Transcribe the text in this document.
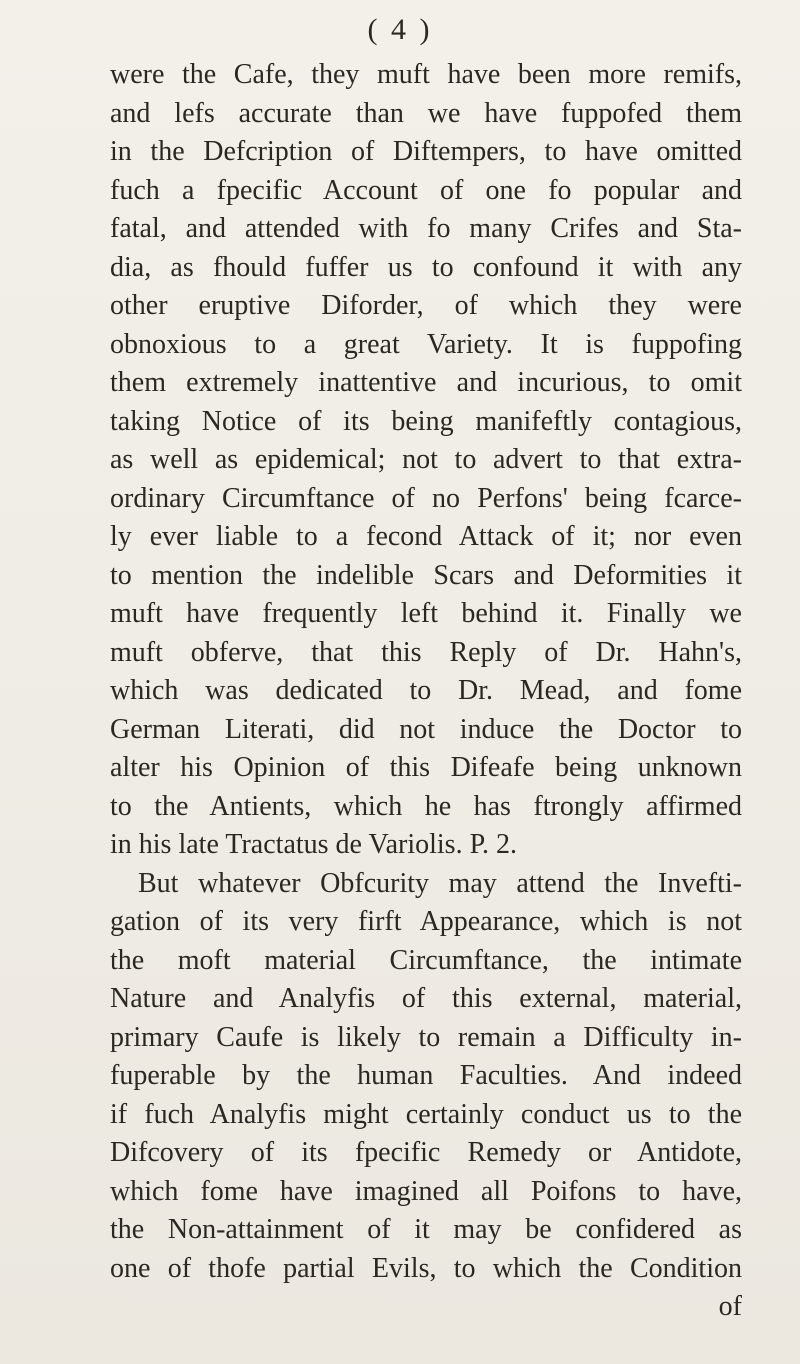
( 4 )
were the Cafe, they muft have been more remifs,
and lefs accurate than we have fuppofed them
in the Defcription of Diftempers, to have omitted
fuch a fpecific Account of one fo popular and
fatal, and attended with fo many Crifes and Sta-
dia, as fhould fuffer us to confound it with any
other eruptive Diforder, of which they were
obnoxious to a great Variety. It is fuppofing
them extremely inattentive and incurious, to omit
taking Notice of its being manifeftly contagious,
as well as epidemical; not to advert to that extra-
ordinary Circumftance of no Perfons' being fcarce-
ly ever liable to a fecond Attack of it; nor even
to mention the indelible Scars and Deformities it
muft have frequently left behind it. Finally we
muft obferve, that this Reply of Dr. Hahn's,
which was dedicated to Dr. Mead, and fome
German Literati, did not induce the Doctor to
alter his Opinion of this Difeafe being unknown
to the Antients, which he has ftrongly affirmed
in his late Tractatus de Variolis. P. 2.
But whatever Obfcurity may attend the Invefti-
gation of its very firft Appearance, which is not
the moft material Circumftance, the intimate
Nature and Analyfis of this external, material,
primary Caufe is likely to remain a Difficulty in-
fuperable by the human Faculties. And indeed
if fuch Analyfis might certainly conduct us to the
Difcovery of its fpecific Remedy or Antidote,
which fome have imagined all Poifons to have,
the Non-attainment of it may be confidered as
one of thofe partial Evils, to which the Condition
of
